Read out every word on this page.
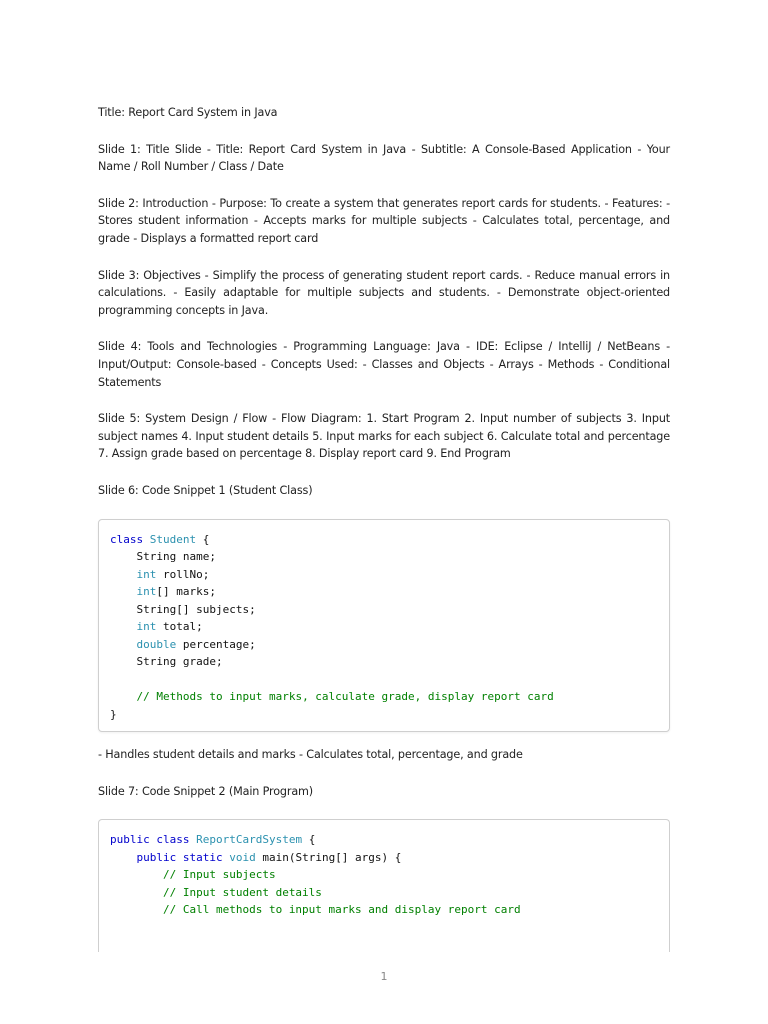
Title: Report Card System in Java

Slide 1: Title Slide - Title: Report Card System in Java - Subtitle: A Console-Based Application - Your Name / Roll Number / Class / Date

Slide 2: Introduction - Purpose: To create a system that generates report cards for students. - Features: - Stores student information - Accepts marks for multiple subjects - Calculates total, percentage, and grade - Displays a formatted report card

Slide 3: Objectives - Simplify the process of generating student report cards. - Reduce manual errors in calculations. - Easily adaptable for multiple subjects and students. - Demonstrate object-oriented programming concepts in Java.

Slide 4: Tools and Technologies - Programming Language: Java - IDE: Eclipse / IntelliJ / NetBeans - Input/Output: Console-based - Concepts Used: - Classes and Objects - Arrays - Methods - Conditional Statements

Slide 5: System Design / Flow - Flow Diagram: 1. Start Program 2. Input number of subjects 3. Input subject names 4. Input student details 5. Input marks for each subject 6. Calculate total and percentage 7. Assign grade based on percentage 8. Display report card 9. End Program

Slide 6: Code Snippet 1 (Student Class)

class Student {
String name;
int rollNo;
int[] marks;
String[] subjects;
int total;
double percentage;
String grade;
// Methods to input marks, calculate grade, display report card
}

- Handles student details and marks - Calculates total, percentage, and grade

Slide 7: Code Snippet 2 (Main Program)

public class ReportCardSystem {
public static void main(String[] args) {
// Input subjects
// Input student details
// Call methods to input marks and display report card
1
